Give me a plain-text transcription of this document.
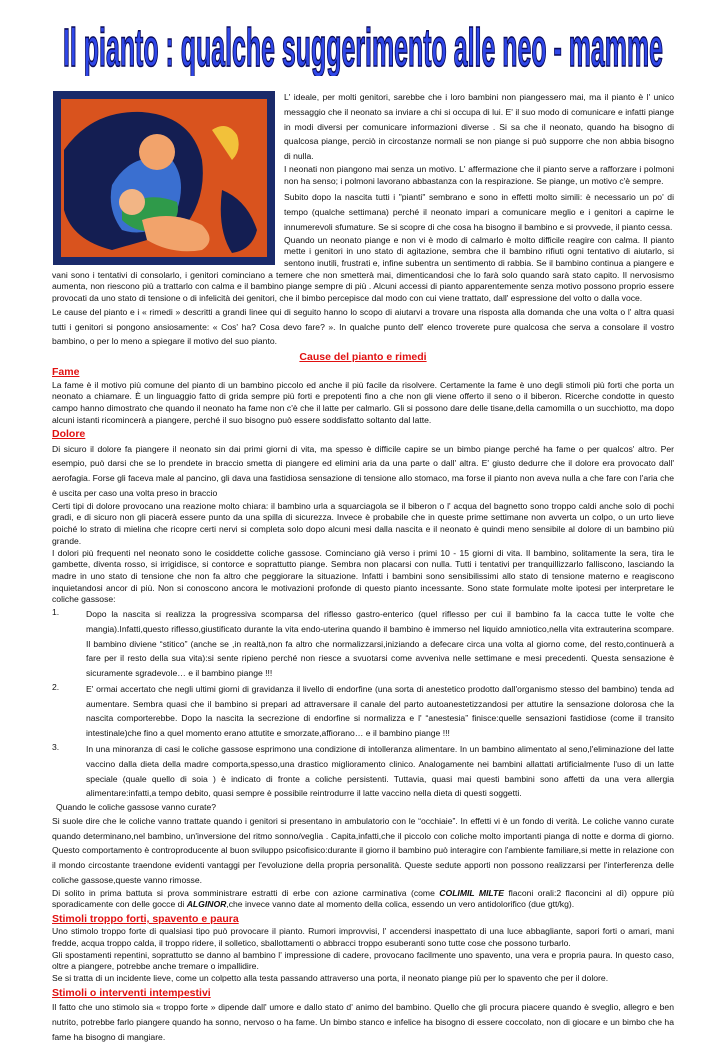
Il pianto : qualche suggerimento alle neo - mamme

L' ideale, per molti genitori, sarebbe che i loro bambini non piangessero mai, ma il pianto è l' unico messaggio che il neonato sa inviare a chi si occupa di lui. E' il suo modo di comunicare e infatti piange in modi diversi per comunicare informazioni diverse . Si sa che il neonato, quando ha bisogno di qualcosa piange, perciò in circostanze normali se non piange si può supporre che non abbia bisogno di nulla.

I neonati non piangono mai senza un motivo. L' affermazione che il pianto serve a rafforzare i polmoni non ha senso; i polmoni lavorano abbastanza con la respirazione. Se piange, un motivo c'è sempre.

Subito dopo la nascita tutti i "pianti" sembrano e sono in effetti molto simili: è necessario un po' di tempo (qualche settimana) perché il neonato impari a comunicare meglio e i genitori a capirne le innumerevoli sfumature. Se si scopre di che cosa ha bisogno il bambino e si provvede, il pianto cessa.

Quando un neonato piange e non vi è modo di calmarlo è molto difficile reagire con calma. Il pianto mette i genitori in uno stato di agitazione, sembra che il bambino rifiuti ogni tentativo di aiutarlo, si sentono inutili, frustrati e, infine subentra un sentimento di rabbia. Se il bambino continua a piangere e vani sono i tentativi di consolarlo, i genitori cominciano a temere che non smetterà mai, dimenticandosi che lo farà solo quando sarà stato capito. Il nervosismo aumenta, non riescono più a trattarlo con calma e il bambino piange sempre di più . Alcuni accessi di pianto apparentemente senza motivo possono proprio essere provocati da uno stato di tensione o di infelicità dei genitori, che il bimbo percepisce dal modo con cui viene trattato, dall' espressione del volto o dalla voce.

Le cause del pianto e i « rimedi » descritti a grandi linee qui di seguito hanno lo scopo di aiutarvi a trovare una risposta alla domanda che una volta o l' altra quasi tutti i genitori si pongono ansiosamente: « Cos' ha? Cosa devo fare? ». In qualche punto dell' elenco troverete pure qualcosa che serva a consolare il vostro bambino, o per lo meno a spiegare il motivo del suo pianto.

Cause del pianto e rimedi
Fame

La fame è il motivo più comune del pianto di un bambino piccolo ed anche il più facile da risolvere. Certamente la fame è uno degli stimoli più forti che porta un neonato a chiamare. È un linguaggio fatto di grida sempre più forti e prepotenti fino a che non gli viene offerto il seno o il biberon. Ricerche condotte in questo campo hanno dimostrato che quando il neonato ha fame non c'è che il latte per calmarlo. Gli si possono dare delle tisane,della camomilla o un succhiotto, ma dopo alcuni istanti ricomincerà a piangere, perché il suo bisogno può essere soddisfatto soltanto dal latte.

Dolore

Di sicuro il dolore fa piangere il neonato sin dai primi giorni di vita, ma spesso è difficile capire se un bimbo piange perché ha fame o per qualcos' altro. Per esempio, può darsi che se lo prendete in braccio smetta di piangere ed elimini aria da una parte o dall' altra. E' giusto dedurre che il dolore era provocato dall' aerofagia. Forse gli faceva male al pancino, gli dava una fastidiosa sensazione di tensione allo stomaco, ma forse il pianto non aveva nulla a che fare con l'aria che è uscita per caso una volta preso in braccio

Certi tipi di dolore provocano una reazione molto chiara: il bambino urla a squarciagola se il biberon o l' acqua del bagnetto sono troppo caldi anche solo di pochi gradi, e di sicuro non gli piacerà essere punto da una spilla di sicurezza. Invece è probabile che in queste prime settimane non avverta un colpo, o un urto lieve poiché lo strato di mielina che ricopre certi nervi si completa solo dopo alcuni mesi dalla nascita e il neonato è quindi meno sensibile al dolore di un bambino più grande.

I dolori più frequenti nel neonato sono le cosiddette coliche gassose. Cominciano già verso i primi 10 - 15 giorni di vita. Il bambino, solitamente la sera, tira le gambette, diventa rosso, si irrigidisce, si contorce e soprattutto piange. Sembra non placarsi con nulla. Tutti i tentativi per tranquillizzarlo falliscono, lasciando la madre in uno stato di tensione che non fa altro che peggiorare la situazione. Infatti i bambini sono sensibilissimi allo stato di tensione materno e reagiscono inquietandosi ancor di più. Non si conoscono ancora le motivazioni profonde di questo pianto incessante. Sono state formulate molte ipotesi per interpretare le coliche gassose:

1.	Dopo la nascita si realizza la progressiva scomparsa del riflesso gastro-enterico (quel riflesso per cui il bambino fa la cacca tutte le volte che mangia).Infatti,questo riflesso,giustificato durante la vita endo-uterina quando il bambino è immerso nel liquido amniotico,nella vita extrauterina scompare. Il bambino diviene “stitico” (anche se ,in realtà,non fa altro che normalizzarsi,iniziando a defecare circa una volta al giorno come, del resto,continuerà a fare per il resto della sua vita):si sente ripieno perché non riesce a svuotarsi come avveniva nelle settimane e mesi precedenti. Questa sensazione è sicuramente sgradevole… e il bambino piange !!!
2.	E' ormai accertato che negli ultimi giorni di gravidanza il livello di endorfine (una sorta di anestetico prodotto dall'organismo stesso del bambino) tenda ad aumentare. Sembra quasi che il bambino si prepari ad attraversare il canale del parto autoanestetizzandosi per attutire la sensazione dolorosa che la nascita comporterebbe. Dopo la nascita la secrezione di endorfine si normalizza e l' “anestesia” finisce:quelle sensazioni fastidiose (come il transito intestinale)che fino a quel momento erano attutite e smorzate,affiorano… e il bambino piange !!!
3.	In una minoranza di casi le coliche gassose esprimono una condizione di intolleranza alimentare. In un bambino alimentato al seno,l'eliminazione del latte vaccino dalla dieta della madre comporta,spesso,una drastico miglioramento clinico. Analogamente nei bambini allattati artificialmente l'uso di un latte speciale (quale quello di soia ) è indicato di fronte a coliche persistenti. Tuttavia, quasi mai questi bambini sono affetti da una vera allergia alimentare:infatti,a tempo debito, quasi sempre è possibile reintrodurre il latte vaccino nella dieta di questi soggetti.

Quando le coliche gassose vanno curate?

Si suole dire che le coliche vanno trattate quando i genitori si presentano in ambulatorio con le “occhiaie”. In effetti vi è un fondo di verità. Le coliche vanno curate quando determinano,nel bambino, un'inversione del ritmo sonno/veglia . Capita,infatti,che il piccolo con coliche molto importanti pianga di notte e dorma di giorno. Questo comportamento è controproducente al buon sviluppo psicofisico:durante il giorno il bambino può interagire con l'ambiente familiare,si mette in relazione con il mondo circostante traendone evidenti vantaggi per l'evoluzione della propria personalità. Queste sedute apporti non possono realizzarsi per l'interferenza delle coliche gassose,queste vanno rimosse.

Di solito in prima battuta si prova somministrare estratti di erbe con azione carminativa (come COLIMIL MILTE flaconi orali:2 flaconcini al dì) oppure più sporadicamente con delle gocce di ALGINOR,che invece vanno date al momento della colica, essendo un vero antidolorifico (due gtt/kg).

Stimoli troppo forti, spavento e paura

Uno stimolo troppo forte di qualsiasi tipo può provocare il pianto. Rumori improvvisi, l' accendersi inaspettato di una luce abbagliante, sapori forti o amari, mani fredde, acqua troppo calda, il troppo ridere, il solletico, sballottamenti o abbracci troppo esuberanti sono tutte cose che possono turbarlo.

Gli spostamenti repentini, soprattutto se danno al bambino l' impressione di cadere, provocano facilmente uno spavento, una vera e propria paura. In questo caso, oltre a piangere, potrebbe anche tremare o impallidire.

Se si tratta di un incidente lieve, come un colpetto alla testa passando attraverso una porta, il neonato piange più per lo spavento che per il dolore.

Stimoli o interventi intempestivi

Il fatto che uno stimolo sia « troppo forte » dipende dall' umore e dallo stato d' animo del bambino. Quello che gli procura piacere quando è sveglio, allegro e ben nutrito, potrebbe farlo piangere quando ha sonno, nervoso o ha fame. Un bimbo stanco e infelice ha bisogno di essere coccolato, non di giocare e un bimbo che ha fame ha bisogno di mangiare.
